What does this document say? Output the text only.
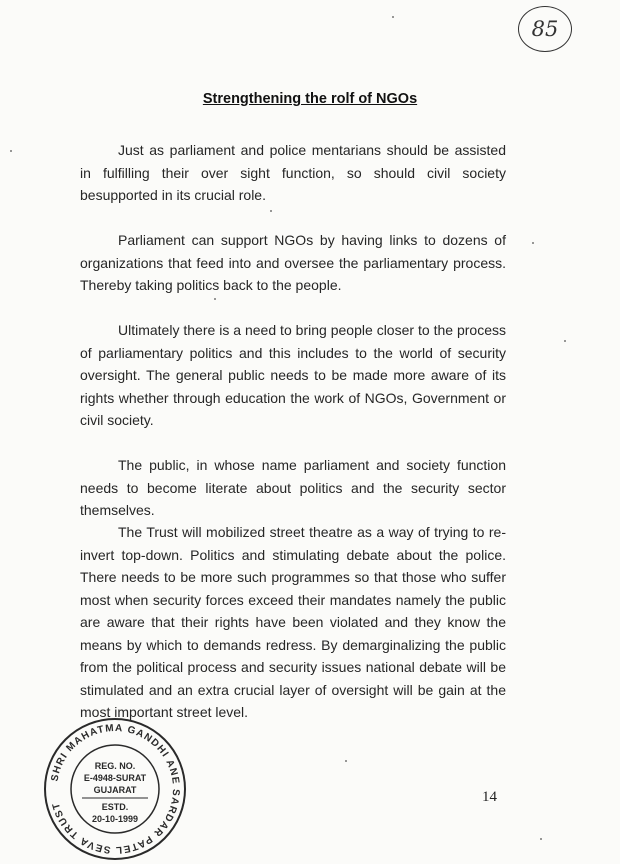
85
Strengthening the rolf of NGOs

Just as parliament and police mentarians should be assisted in fulfilling their over sight function, so should civil society besupported in its crucial role.

Parliament can support NGOs by having links to dozens of organizations that feed into and oversee the parliamentary process. Thereby taking politics back to the people.

Ultimately there is a need to bring people closer to the process of parliamentary politics and this includes to the world of security oversight. The general public needs to be made more aware of its rights whether through education the work of NGOs, Government or civil society.

The public, in whose name parliament and society function needs to become literate about politics and the security sector themselves.

The Trust will mobilized street theatre as a way of trying to re-invert top-down. Politics and stimulating debate about the police. There needs to be more such programmes so that those who suffer most when security forces exceed their mandates namely the public are aware that their rights have been violated and they know the means by which to demands redress. By demarginalizing the public from the political process and security issues national debate will be stimulated and an extra crucial layer of oversight will be gain at the most important street level.

14
SHRI MAHATMA GANDHI ANE SARDAR PATEL SEVA TRUST
REG. NO.
E-4948-SURAT
GUJARAT
ESTD.
20-10-1999
